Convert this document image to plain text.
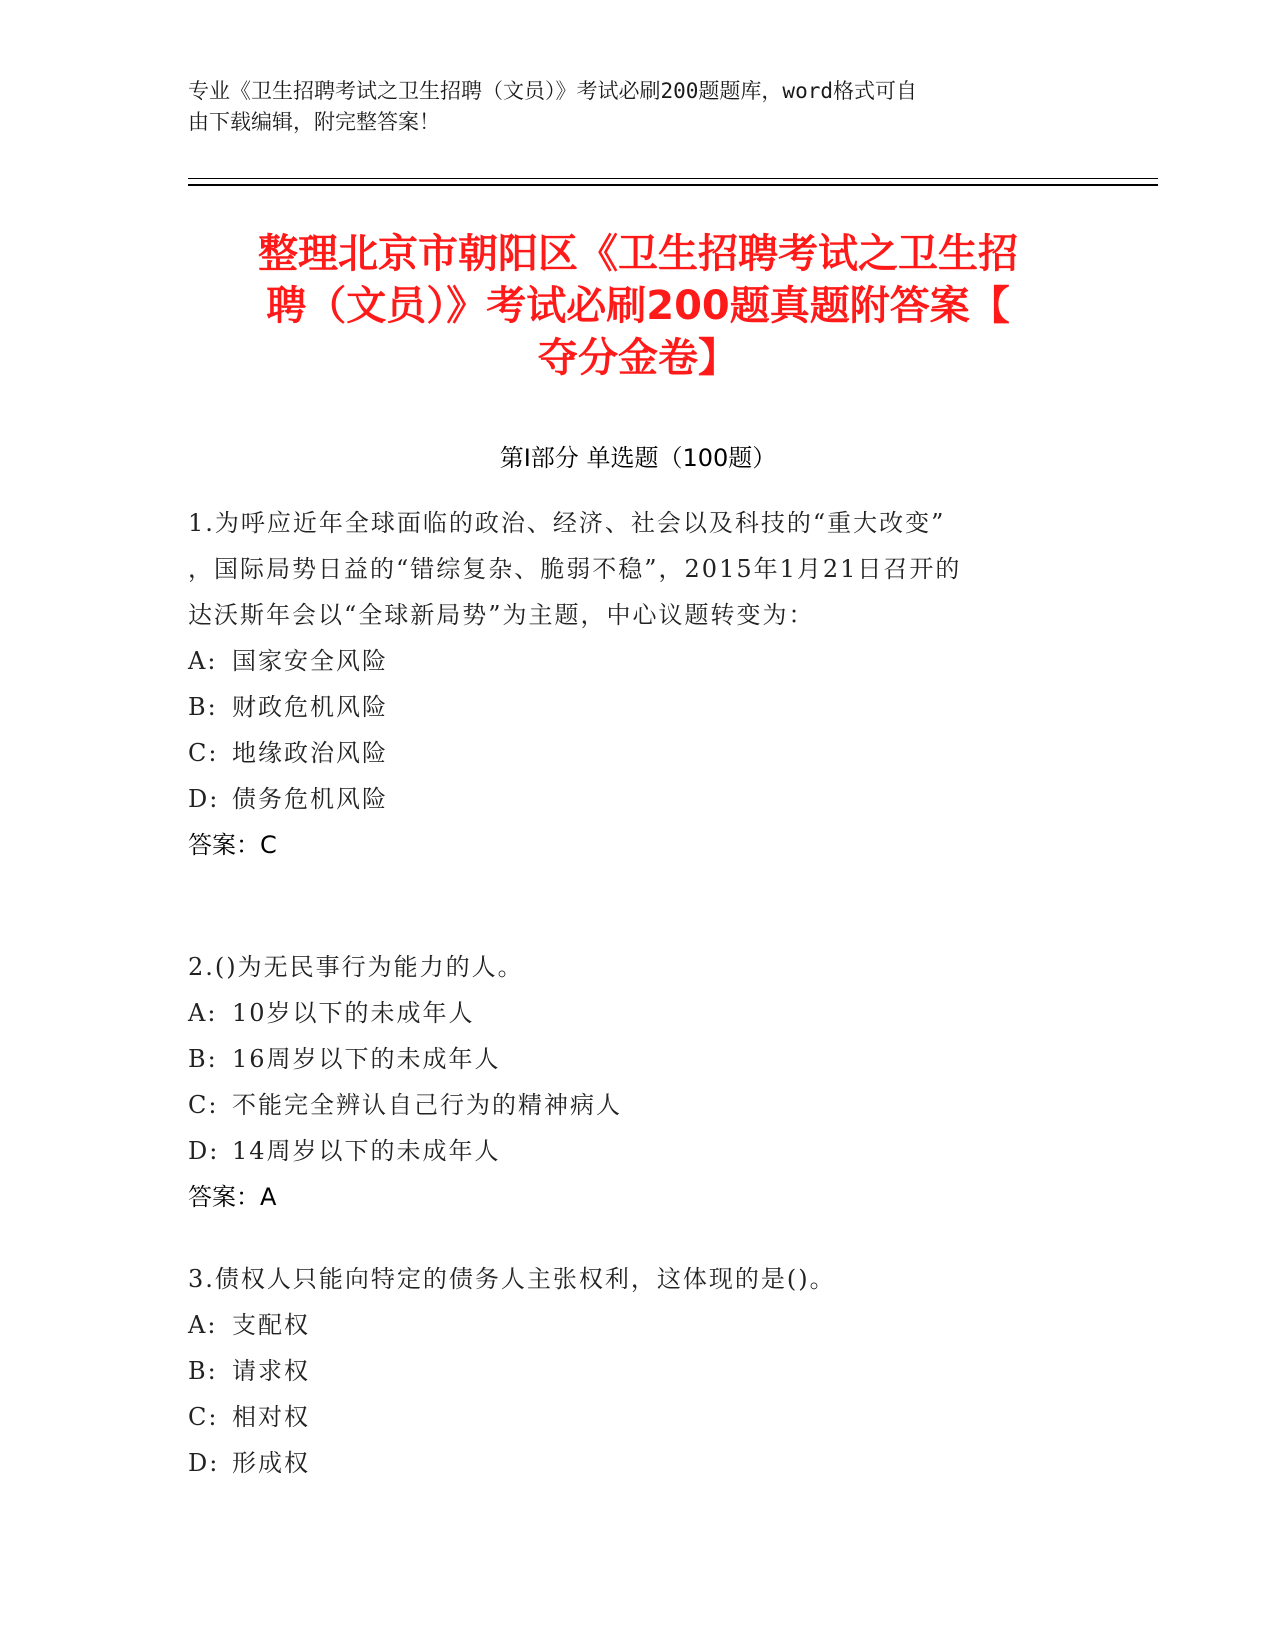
专业《卫生招聘考试之卫生招聘（文员）》考试必刷200题题库，word格式可自
由下载编辑，附完整答案！
整理北京市朝阳区《卫生招聘考试之卫生招
聘（文员）》考试必刷200题真题附答案【
夺分金卷】
第Ⅰ部分 单选题（100题）
1.为呼应近年全球面临的政治、经济、社会以及科技的“重大改变”
，国际局势日益的“错综复杂、脆弱不稳”，2015年1月21日召开的
达沃斯年会以“全球新局势”为主题，中心议题转变为：
A: 国家安全风险
B: 财政危机风险
C: 地缘政治风险
D: 债务危机风险
答案：C
2.()为无民事行为能力的人。
A: 10岁以下的未成年人
B: 16周岁以下的未成年人
C: 不能完全辨认自己行为的精神病人
D: 14周岁以下的未成年人
答案：A
3.债权人只能向特定的债务人主张权利，这体现的是()。
A: 支配权
B: 请求权
C: 相对权
D: 形成权
